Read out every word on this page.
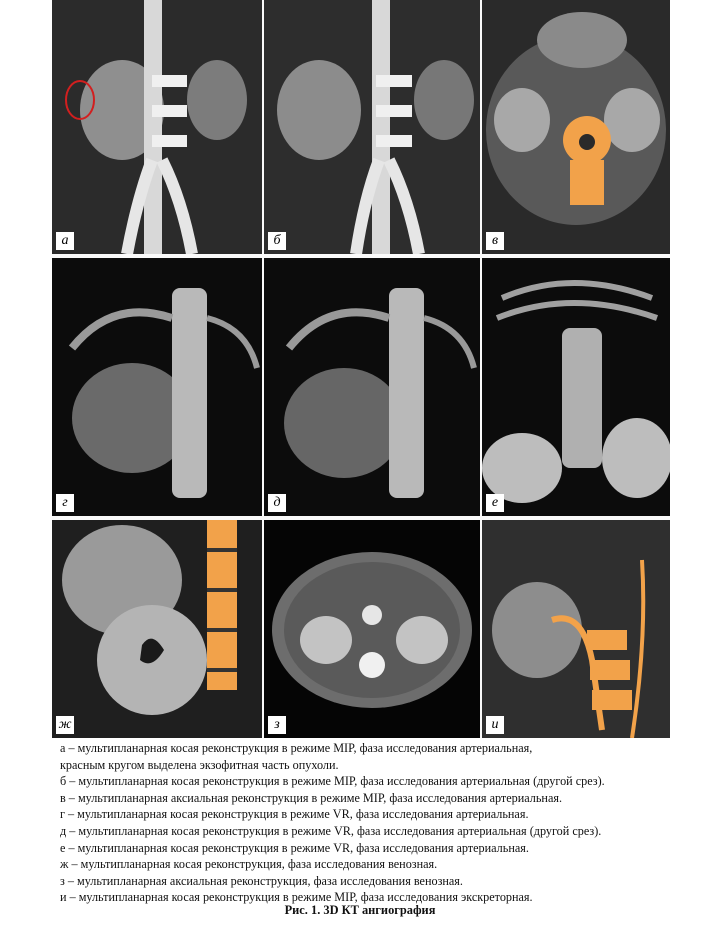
а	б	в
г	д	е
ж	з	и
а – мультипланарная косая реконструкция в режиме MIP, фаза исследования артериальная,
красным кругом выделена экзофитная часть опухоли.
б – мультипланарная косая реконструкция в режиме MIP, фаза исследования артериальная (другой срез).
в – мультипланарная аксиальная реконструкция в режиме MIP, фаза исследования артериальная.
г – мультипланарная косая реконструкция в режиме VR, фаза исследования артериальная.
д – мультипланарная косая реконструкция в режиме VR, фаза исследования артериальная (другой срез).
е – мультипланарная косая реконструкция в режиме VR, фаза исследования артериальная.
ж – мультипланарная косая реконструкция, фаза исследования венозная.
з – мультипланарная аксиальная реконструкция, фаза исследования венозная.
и – мультипланарная косая реконструкция в режиме MIP, фаза исследования экскреторная.
Рис. 1. 3D КТ ангиография
